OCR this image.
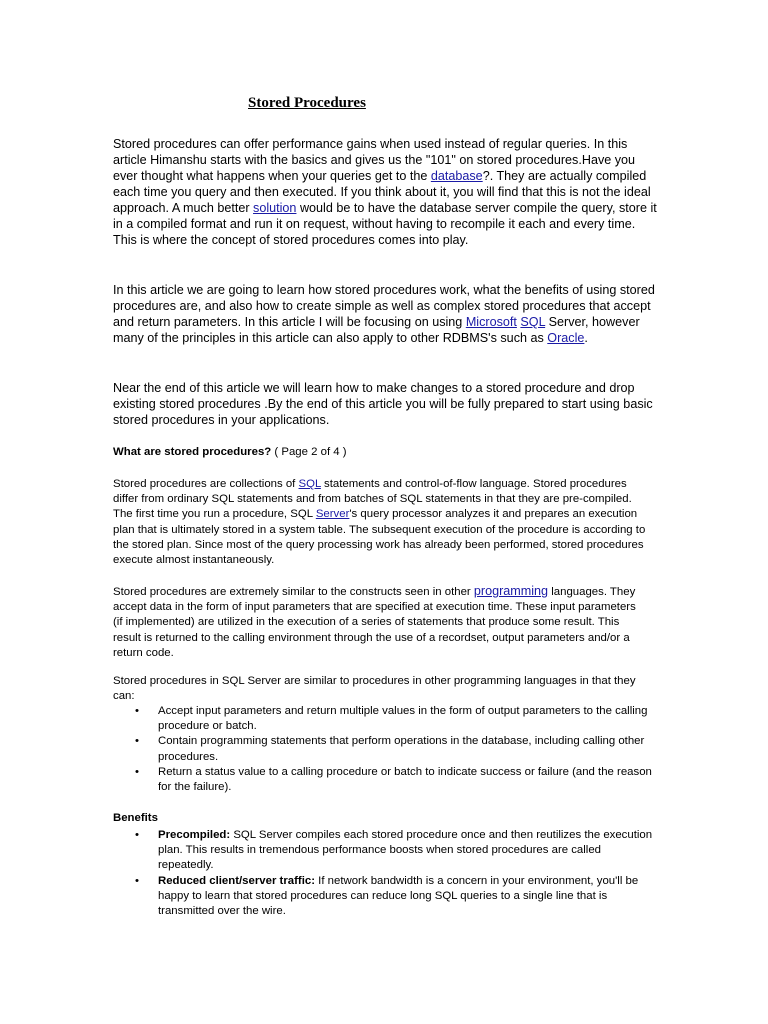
Stored Procedures

Stored procedures can offer performance gains when used instead of regular queries. In this article Himanshu starts with the basics and gives us the "101" on stored procedures.Have you ever thought what happens when your queries get to the database?. They are actually compiled each time you query and then executed. If you think about it, you will find that this is not the ideal approach. A much better solution would be to have the database server compile the query, store it in a compiled format and run it on request, without having to recompile it each and every time. This is where the concept of stored procedures comes into play.

In this article we are going to learn how stored procedures work, what the benefits of using stored procedures are, and also how to create simple as well as complex stored procedures that accept and return parameters. In this article I will be focusing on using Microsoft SQL Server, however many of the principles in this article can also apply to other RDBMS's such as Oracle.

Near the end of this article we will learn how to make changes to a stored procedure and drop existing stored procedures .By the end of this article you will be fully prepared to start using basic stored procedures in your applications.

What are stored procedures? ( Page 2 of 4 )

Stored procedures are collections of SQL statements and control-of-flow language. Stored procedures differ from ordinary SQL statements and from batches of SQL statements in that they are pre-compiled. The first time you run a procedure, SQL Server's query processor analyzes it and prepares an execution plan that is ultimately stored in a system table. The subsequent execution of the procedure is according to the stored plan. Since most of the query processing work has already been performed, stored procedures execute almost instantaneously.

Stored procedures are extremely similar to the constructs seen in other programming languages. They accept data in the form of input parameters that are specified at execution time. These input parameters (if implemented) are utilized in the execution of a series of statements that produce some result. This result is returned to the calling environment through the use of a recordset, output parameters and/or a return code.

Stored procedures in SQL Server are similar to procedures in other programming languages in that they can:

• Accept input parameters and return multiple values in the form of output parameters to the calling procedure or batch.
• Contain programming statements that perform operations in the database, including calling other procedures.
• Return a status value to a calling procedure or batch to indicate success or failure (and the reason for the failure).

Benefits

• Precompiled: SQL Server compiles each stored procedure once and then reutilizes the execution plan. This results in tremendous performance boosts when stored procedures are called repeatedly.
• Reduced client/server traffic: If network bandwidth is a concern in your environment, you'll be happy to learn that stored procedures can reduce long SQL queries to a single line that is transmitted over the wire.
